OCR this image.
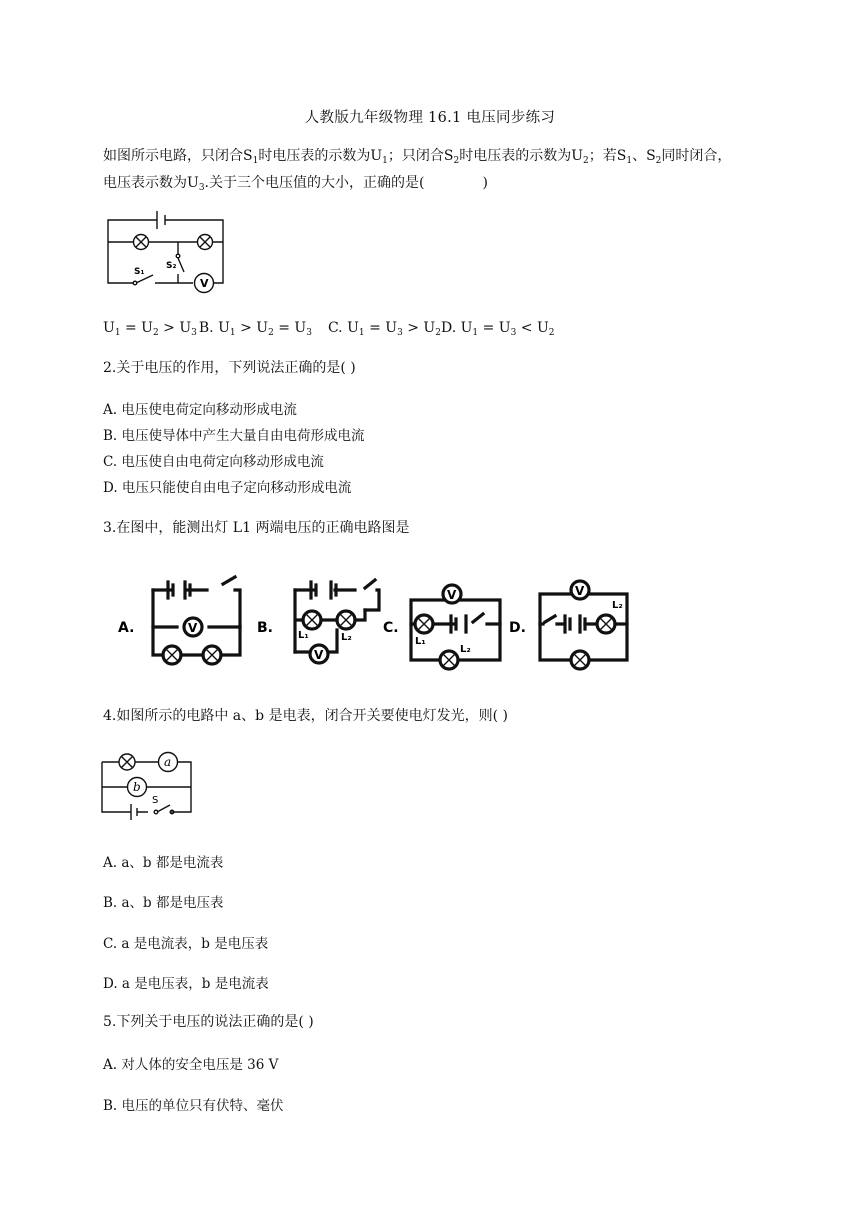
人教版九年级物理 16.1 电压同步练习
如图所示电路，只闭合$S_1$时电压表的示数为$U_1$；只闭合$S_2$时电压表的示数为$U_2$；若$S_1$、$S_2$同时闭合，
电压表示数为$U_3$.关于三个电压值的大小，正确的是(	)
S₁
S₂
V
$U_1 = U_2 > U_3$ B. $U_1 > U_2 = U_3$ C. $U_1 = U_3 > U_2D$. $U_1 = U_3 < U_2$
2.关于电压的作用，下列说法正确的是( )
A. 电压使电荷定向移动形成电流
B. 电压使导体中产生大量自由电荷形成电流
C. 电压使自由电荷定向移动形成电流
D. 电压只能使自由电子定向移动形成电流
3.在图中，能测出灯 L1 两端电压的正确电路图是
A.	V	B.
V
L₁	L₂
C.
V
L₁
L₂
D.
V
L₂
4.如图所示的电路中 a、b 是电表，闭合开关要使电灯发光，则( )
a
b
S
A. a、b 都是电流表
B. a、b 都是电压表
C. a 是电流表，b 是电压表
D. a 是电压表，b 是电流表
5.下列关于电压的说法正确的是( )
A. 对人体的安全电压是 36 V
B. 电压的单位只有伏特、毫伏
